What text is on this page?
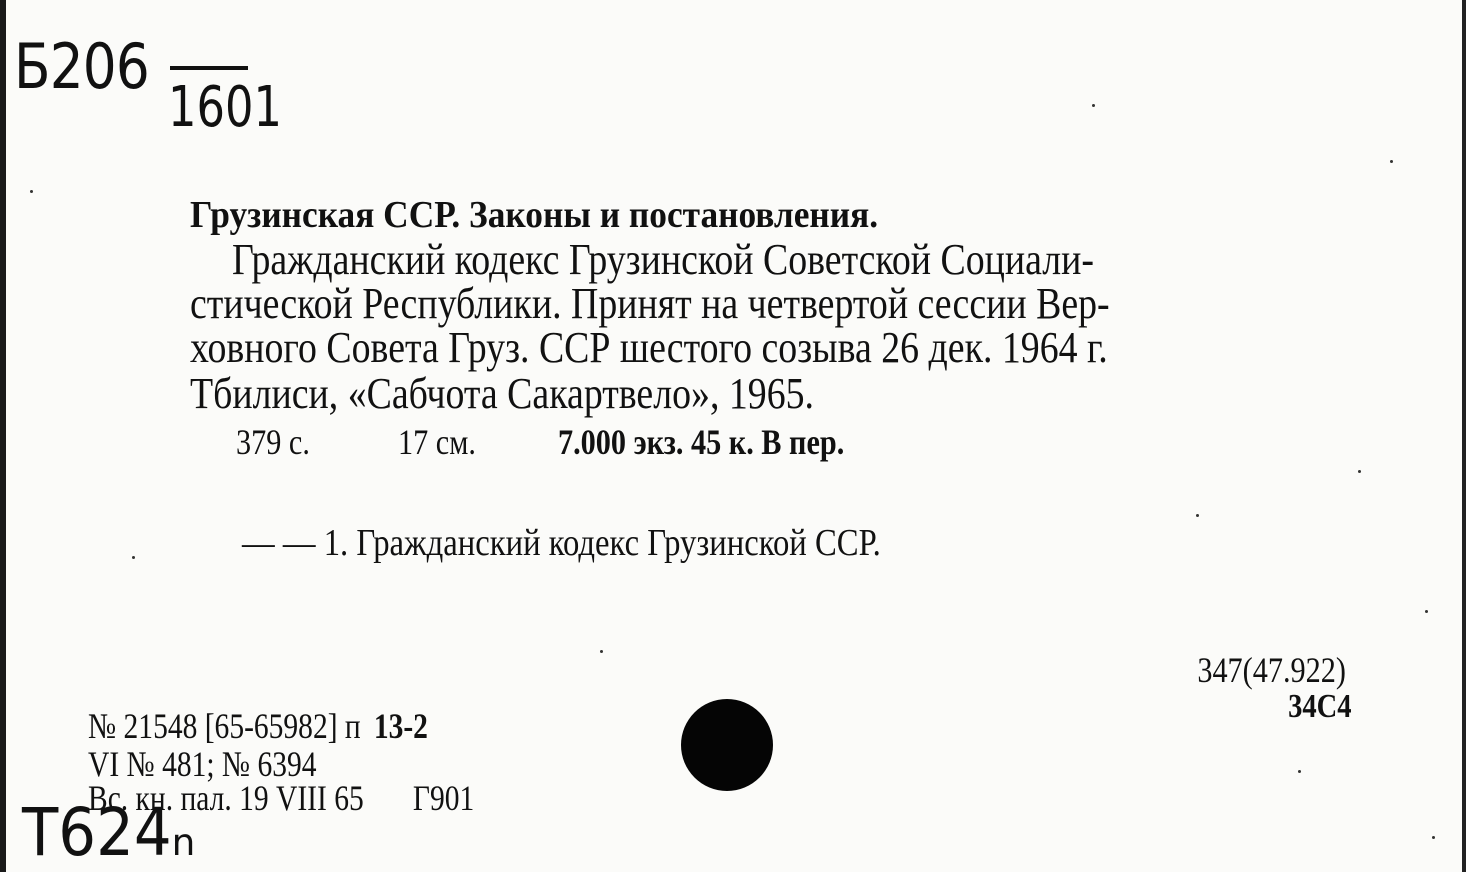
Б206
1601
Грузинская ССР. Законы и постановления.
Гражданский кодекс Грузинской Советской Социали-
стической Республики. Принят на четвертой сессии Вер-
ховного Совета Груз. ССР шестого созыва 26 дек. 1964 г.
Тбилиси, «Сабчота Сакартвело», 1965.
379 с. 17 см. 7.000 экз. 45 к. В пер.
— — 1. Гражданский кодекс Грузинской ССР.
347(47.922)
34С4
№ 21548 [65-65982] п 13-2
VI № 481; № 6394
Вс. кн. пал. 19 VIII 65 Г901
Т624ₙ
